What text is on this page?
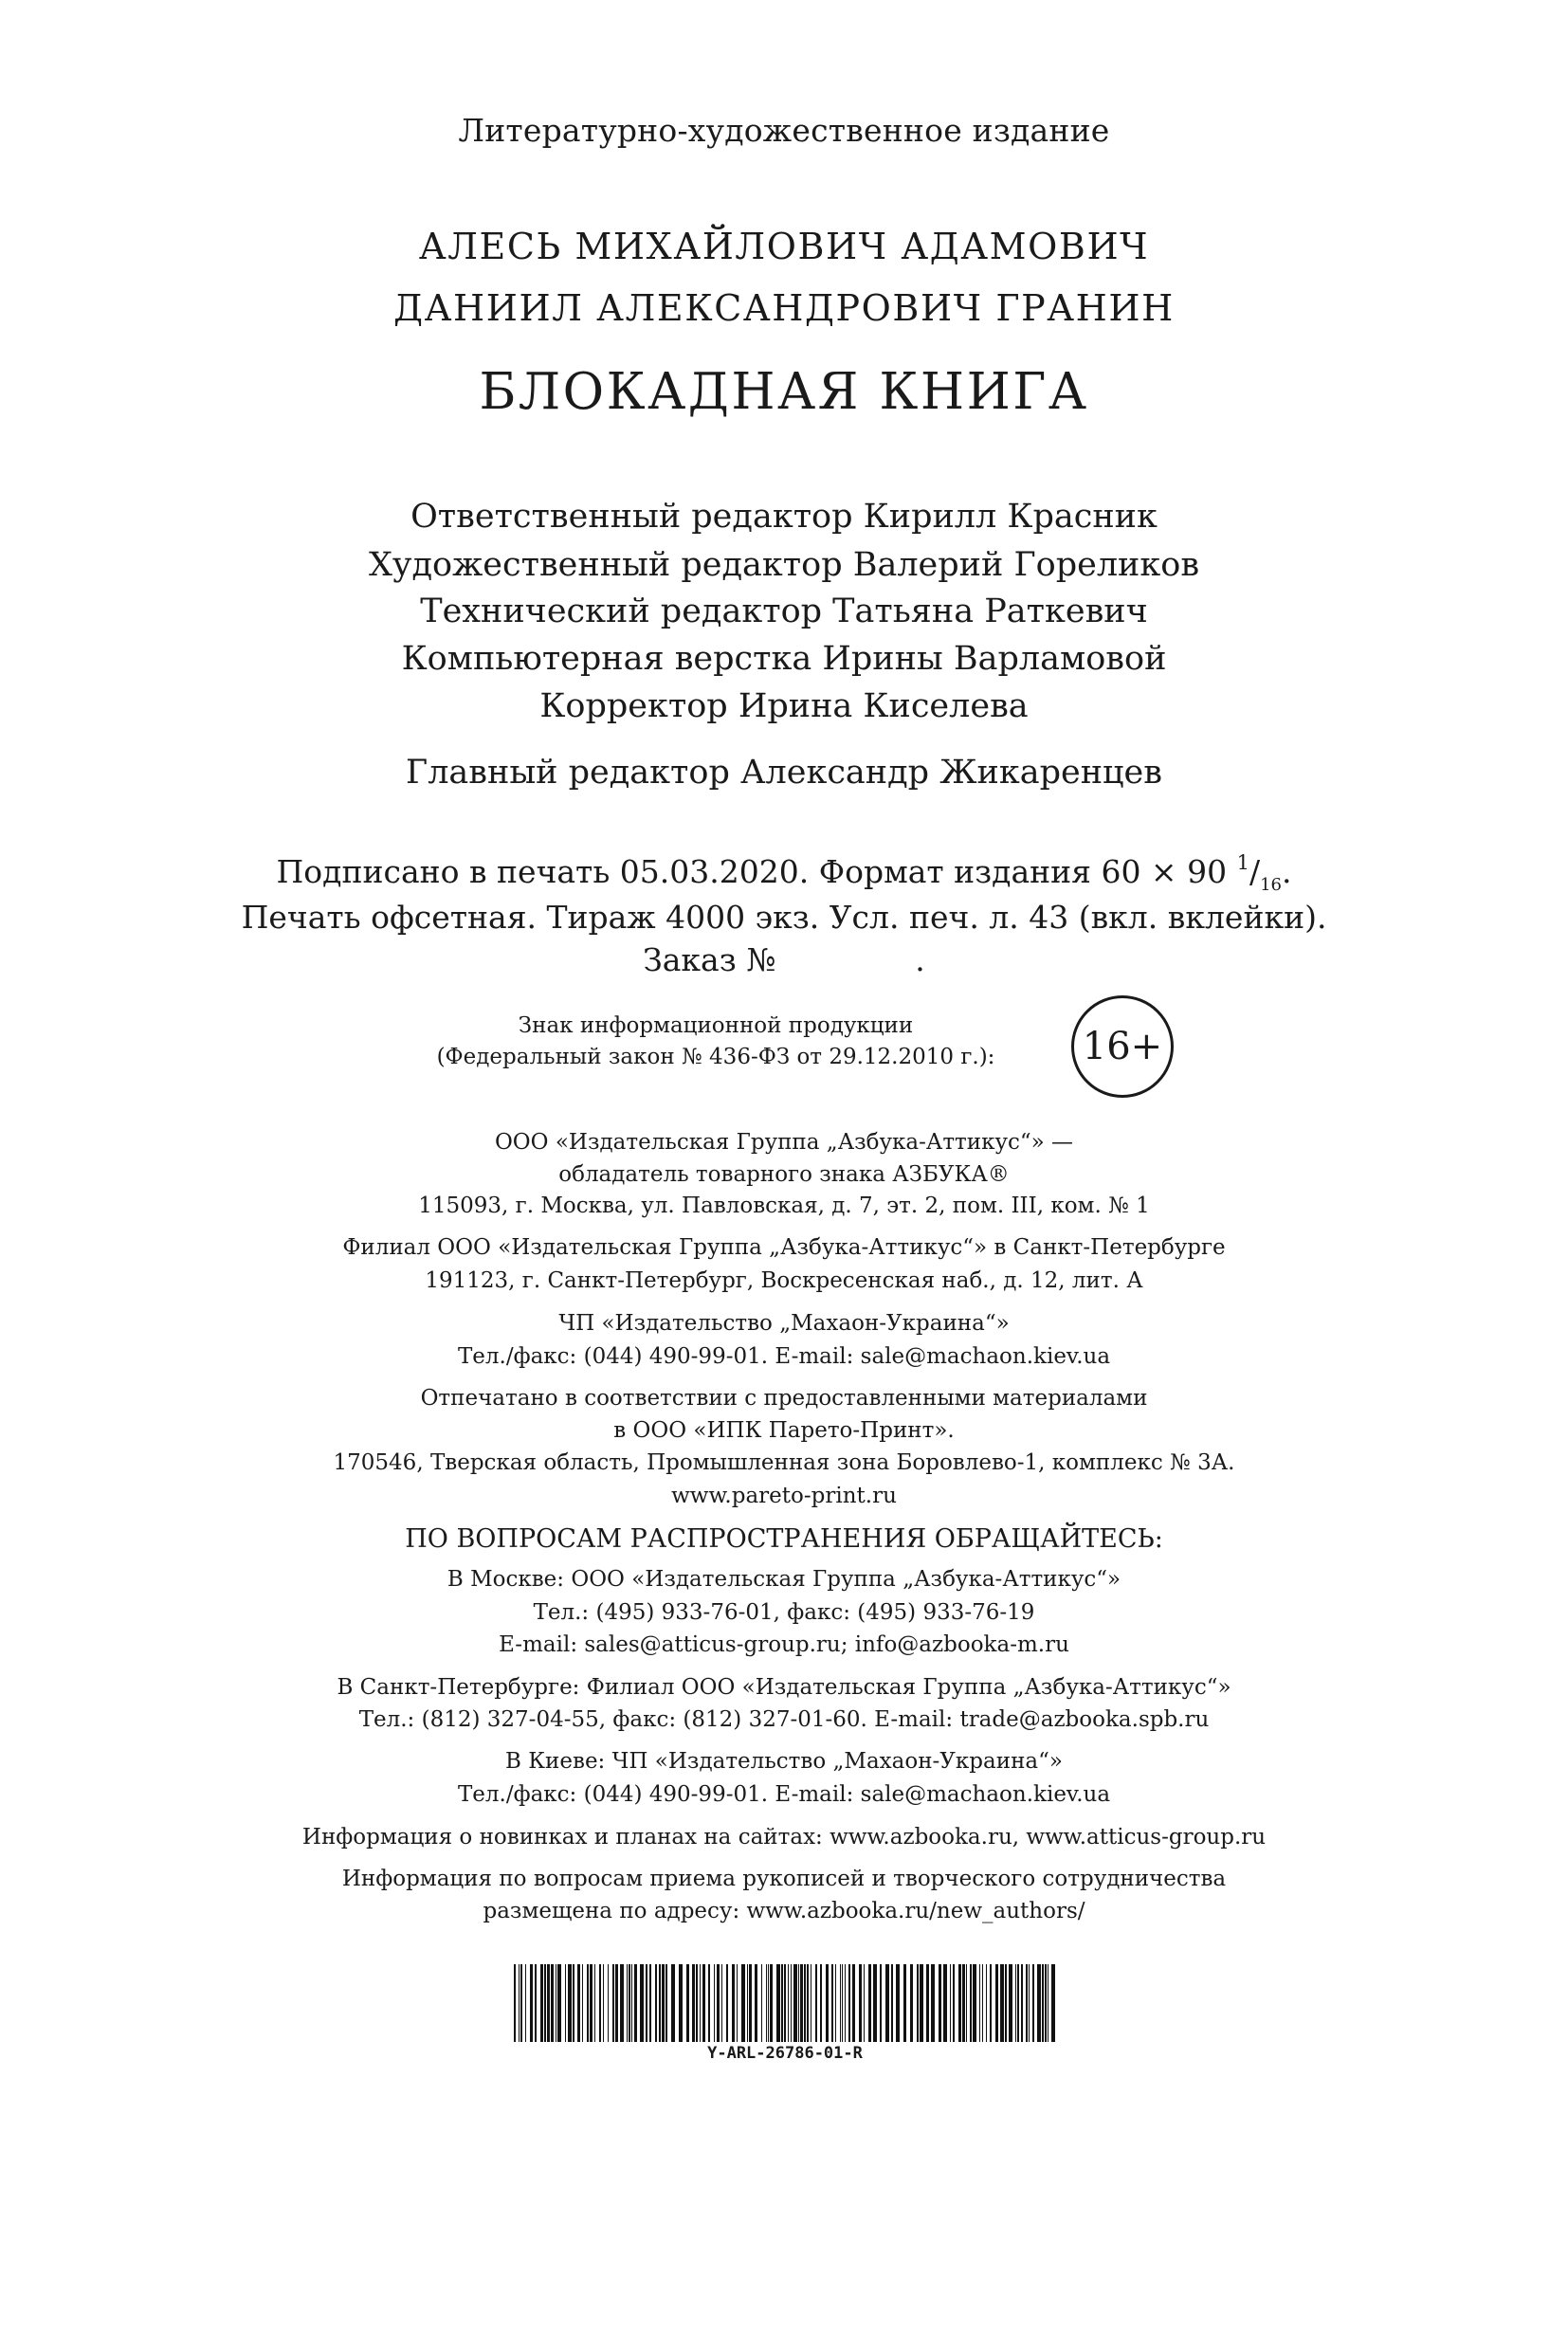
Литературно-художественное издание
АЛЕСЬ МИХАЙЛОВИЧ АДАМОВИЧ
ДАНИИЛ АЛЕКСАНДРОВИЧ ГРАНИН
БЛОКАДНАЯ КНИГА
Ответственный редактор Кирилл Красник
Художественный редактор Валерий Гореликов
Технический редактор Татьяна Раткевич
Компьютерная верстка Ирины Варламовой
Корректор Ирина Киселева
Главный редактор Александр Жикаренцев
Подписано в печать 05.03.2020. Формат издания 60 × 90 $^1/_{16}$.
Печать офсетная. Тираж 4000 экз. Усл. печ. л. 43 (вкл. вклейки).
Заказ №              .
Знак информационной продукции
(Федеральный закон № 436-ФЗ от 29.12.2010 г.):	16+
ООО «Издательская Группа „Азбука-Аттикус“» —
обладатель товарного знака АЗБУКА®
115093, г. Москва, ул. Павловская, д. 7, эт. 2, пом. III, ком. № 1
Филиал ООО «Издательская Группа „Азбука-Аттикус“» в Санкт-Петербурге
191123, г. Санкт-Петербург, Воскресенская наб., д. 12, лит. А
ЧП «Издательство „Махаон-Украина“»
Тел./факс: (044) 490-99-01. E-mail: sale@machaon.kiev.ua
Отпечатано в соответствии с предоставленными материалами
в ООО «ИПК Парето-Принт».
170546, Тверская область, Промышленная зона Боровлево-1, комплекс № 3А.
www.pareto-print.ru
ПО ВОПРОСАМ РАСПРОСТРАНЕНИЯ ОБРАЩАЙТЕСЬ:
В Москве: ООО «Издательская Группа „Азбука-Аттикус“»
Тел.: (495) 933-76-01, факс: (495) 933-76-19
E-mail: sales@atticus-group.ru; info@azbooka-m.ru
В Санкт-Петербурге: Филиал ООО «Издательская Группа „Азбука-Аттикус“»
Тел.: (812) 327-04-55, факс: (812) 327-01-60. E-mail: trade@azbooka.spb.ru
В Киеве: ЧП «Издательство „Махаон-Украина“»
Тел./факс: (044) 490-99-01. E-mail: sale@machaon.kiev.ua
Информация о новинках и планах на сайтах: www.azbooka.ru, www.atticus-group.ru
Информация по вопросам приема рукописей и творческого сотрудничества
размещена по адресу: www.azbooka.ru/new_authors/
Y-ARL-26786-01-R
